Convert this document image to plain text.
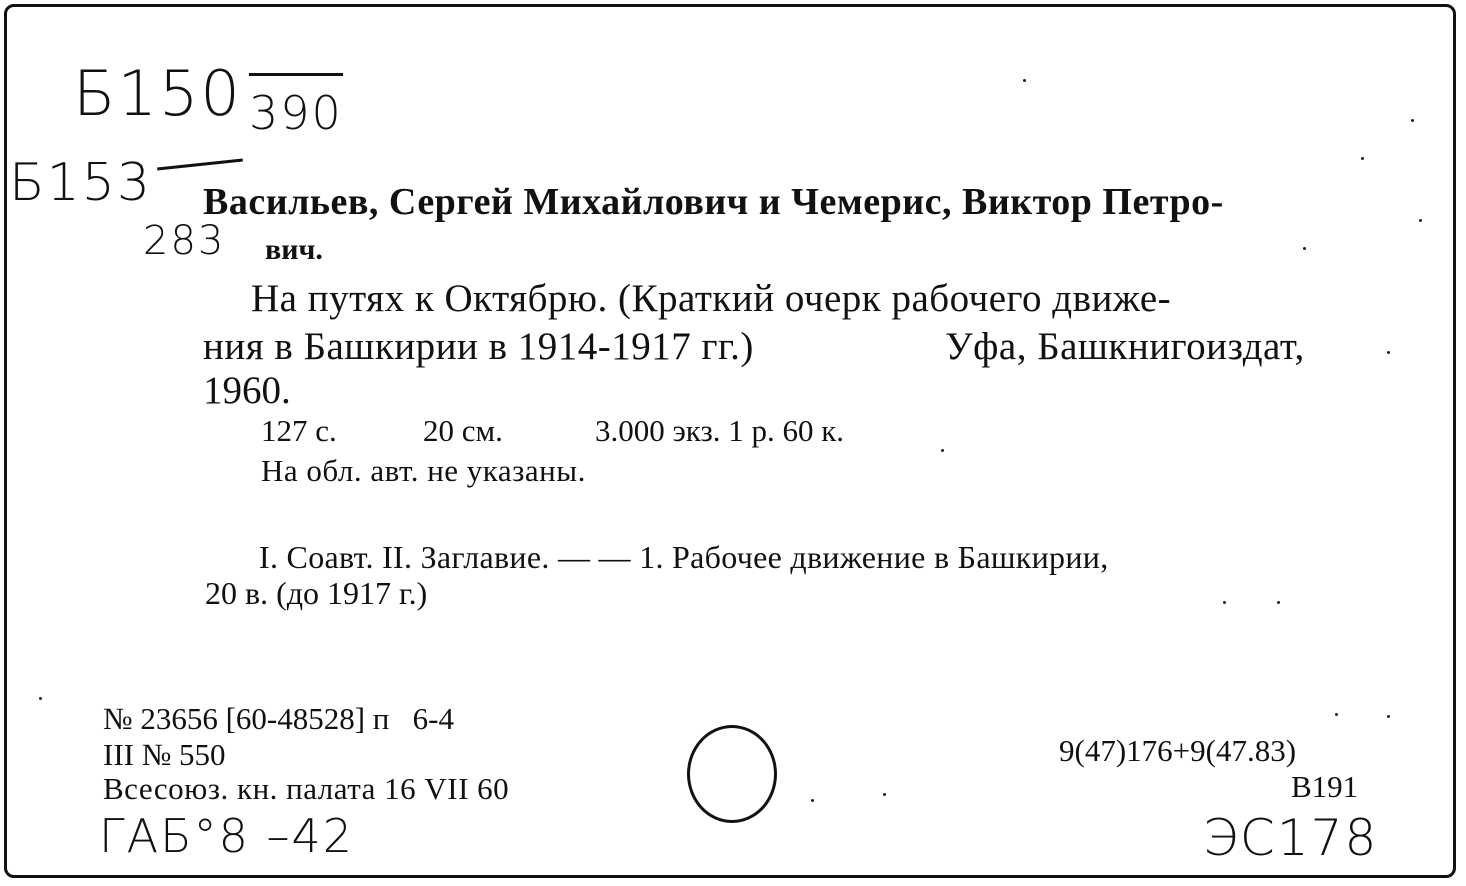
Б150 390
Б153
283
Васильев, Сергей Михайлович и Чемерис, Виктор Петро-
вич.
На путях к Октябрю. (Краткий очерк рабочего движе-
ния в Башкирии в 1914-1917 гг.)	Уфа, Башкнигоиздат,
1960.
127 с.	20 см.	3.000 экз. 1 р. 60 к.
На обл. авт. не указаны.
I. Соавт. II. Заглавие. — — 1. Рабочее движение в Башкирии,
20 в. (до 1917 г.)
№ 23656 [60-48528] п   6-4
III № 550
Всесоюз. кн. палата 16 VII 60
9(47)176+9(47.83)
В191
ГАБ°8 –42	ЭС178
